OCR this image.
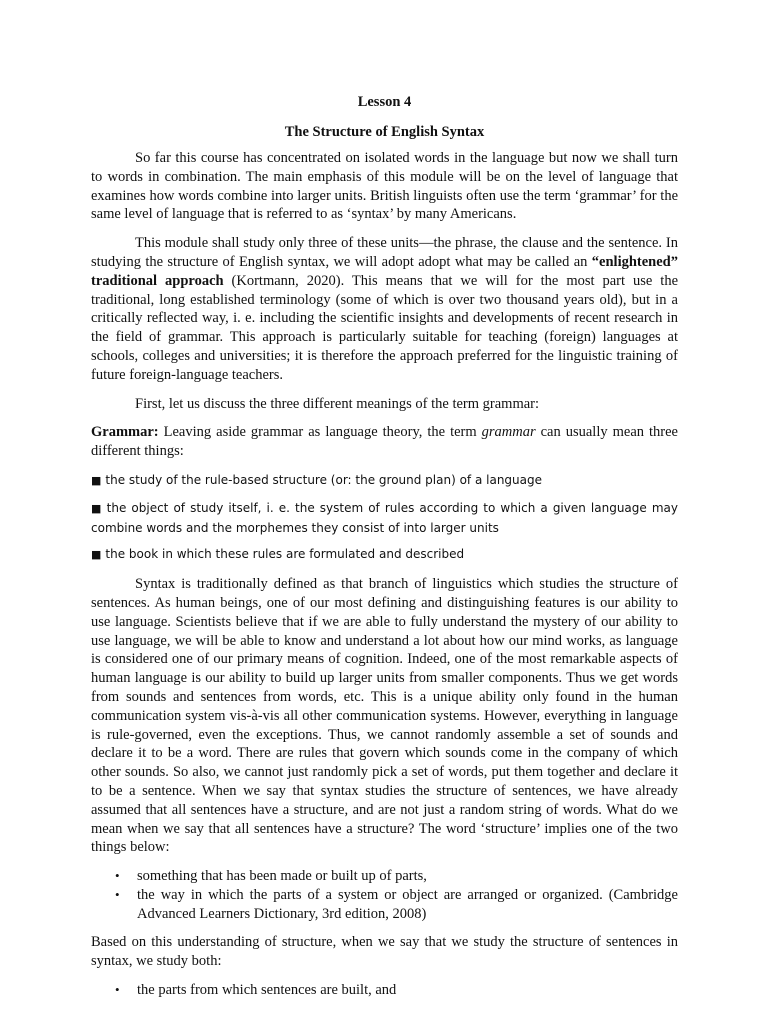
Lesson 4
The Structure of English Syntax

So far this course has concentrated on isolated words in the language but now we shall turn to words in combination. The main emphasis of this module will be on the level of language that examines how words combine into larger units. British linguists often use the term ‘grammar’ for the same level of language that is referred to as ‘syntax’ by many Americans.

This module shall study only three of these units—the phrase, the clause and the sentence. In studying the structure of English syntax, we will adopt adopt what may be called an “enlightened” traditional approach (Kortmann, 2020). This means that we will for the most part use the traditional, long established terminology (some of which is over two thousand years old), but in a critically reflected way, i. e. including the scientific insights and developments of recent research in the field of grammar. This approach is particularly suitable for teaching (foreign) languages at schools, colleges and universities; it is therefore the approach preferred for the linguistic training of future foreign-language teachers.

First, let us discuss the three different meanings of the term grammar:

Grammar: Leaving aside grammar as language theory, the term grammar can usually mean three different things:

■ the study of the rule-based structure (or: the ground plan) of a language

■ the object of study itself, i. e. the system of rules according to which a given language may combine words and the morphemes they consist of into larger units

■ the book in which these rules are formulated and described

Syntax is traditionally defined as that branch of linguistics which studies the structure of sentences. As human beings, one of our most defining and distinguishing features is our ability to use language. Scientists believe that if we are able to fully understand the mystery of our ability to use language, we will be able to know and understand a lot about how our mind works, as language is considered one of our primary means of cognition. Indeed, one of the most remarkable aspects of human language is our ability to build up larger units from smaller components. Thus we get words from sounds and sentences from words, etc. This is a unique ability only found in the human communication system vis-à-vis all other communication systems. However, everything in language is rule-governed, even the exceptions. Thus, we cannot randomly assemble a set of sounds and declare it to be a word. There are rules that govern which sounds come in the company of which other sounds. So also, we cannot just randomly pick a set of words, put them together and declare it to be a sentence. When we say that syntax studies the structure of sentences, we have already assumed that all sentences have a structure, and are not just a random string of words. What do we mean when we say that all sentences have a structure? The word ‘structure’ implies one of the two things below:

• something that has been made or built up of parts,
• the way in which the parts of a system or object are arranged or organized. (Cambridge Advanced Learners Dictionary, 3rd edition, 2008)

Based on this understanding of structure, when we say that we study the structure of sentences in syntax, we study both:

• the parts from which sentences are built, and
